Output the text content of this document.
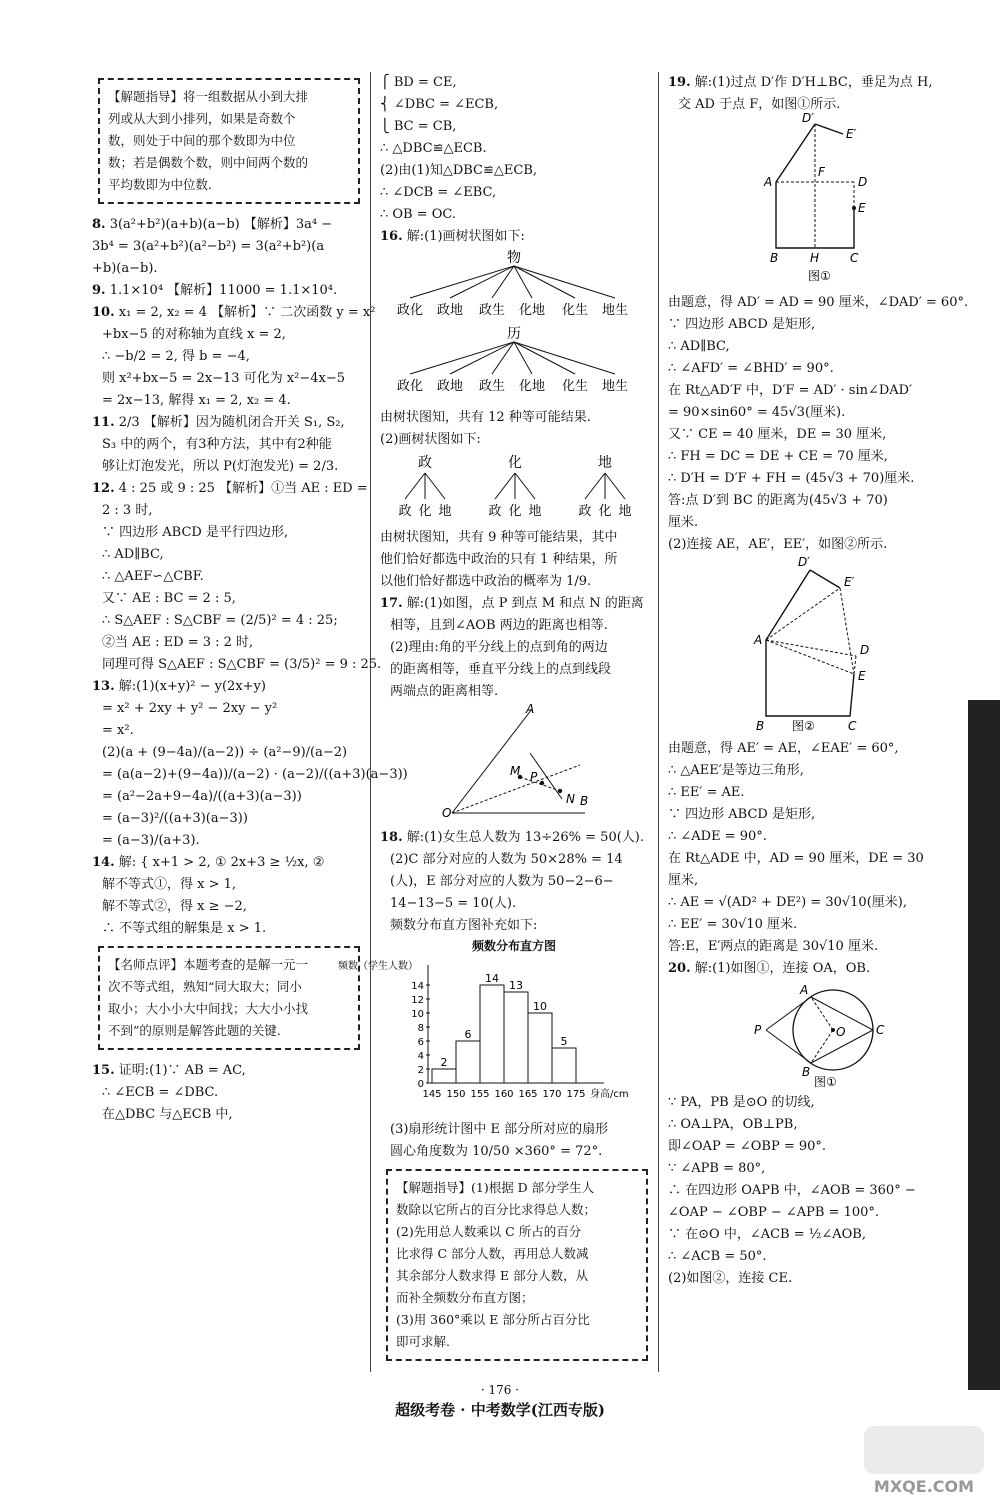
【解题指导】将一组数据从小到大排

列或从大到小排列，如果是奇数个

数，则处于中间的那个数即为中位

数；若是偶数个数，则中间两个数的

平均数即为中位数.

8. 3(a²+b²)(a+b)(a−b) 【解析】3a⁴ −
3b⁴ = 3(a²+b²)(a²−b²) = 3(a²+b²)(a
+b)(a−b).
9. 1.1×10⁴ 【解析】11000 = 1.1×10⁴.
10. x₁ = 2, x₂ = 4 【解析】∵ 二次函数 y = x²
+bx−5 的对称轴为直线 x = 2,
∴ −b/2 = 2, 得 b = −4,
则 x²+bx−5 = 2x−13 可化为 x²−4x−5
= 2x−13, 解得 x₁ = 2, x₂ = 4.
11. 2/3 【解析】因为随机闭合开关 S₁, S₂,
S₃ 中的两个，有3种方法，其中有2种能
够让灯泡发光，所以 P(灯泡发光) = 2/3.
12. 4 : 25 或 9 : 25 【解析】①当 AE : ED =
2 : 3 时,
∵ 四边形 ABCD 是平行四边形,
∴ AD∥BC,
∴ △AEF∽△CBF.
又∵ AE : BC = 2 : 5,
∴ S△AEF : S△CBF = (2/5)² = 4 : 25;
②当 AE : ED = 3 : 2 时,
同理可得 S△AEF : S△CBF = (3/5)² = 9 : 25.
13. 解:(1)(x+y)² − y(2x+y)
= x² + 2xy + y² − 2xy − y²
= x².
(2)(a + (9−4a)/(a−2)) ÷ (a²−9)/(a−2)
= (a(a−2)+(9−4a))/(a−2) · (a−2)/((a+3)(a−3))
= (a²−2a+9−4a)/((a+3)(a−3))
= (a−3)²/((a+3)(a−3))
= (a−3)/(a+3).
14. 解: { x+1 > 2, ① 2x+3 ≥ ½x, ②
解不等式①，得 x > 1,
解不等式②，得 x ≥ −2,
∴ 不等式组的解集是 x > 1.

【名师点评】本题考查的是解一元一

次不等式组，熟知“同大取大；同小

取小；大小小大中间找；大大小小找

不到”的原则是解答此题的关键.

15. 证明:(1)∵ AB = AC,
∴ ∠ECB = ∠DBC.
在△DBC 与△ECB 中,
⎧ BD = CE,
⎨ ∠DBC = ∠ECB,
⎩ BC = CB,
∴ △DBC≌△ECB.
(2)由(1)知△DBC≌△ECB,
∴ ∠DCB = ∠EBC,
∴ OB = OC.
16. 解:(1)画树状图如下:
物
政化 政地 政生 化地 化生 地生
历
政化 政地 政生 化地 化生 地生
由树状图知，共有 12 种等可能结果.
(2)画树状图如下:
政
政 化 地
化
政 化 地
地
政 化 地
由树状图知，共有 9 种等可能结果，其中
他们恰好都选中政治的只有 1 种结果，所
以他们恰好都选中政治的概率为 1/9.
17. 解:(1)如图，点 P 到点 M 和点 N 的距离
相等，且到∠AOB 两边的距离也相等.
(2)理由:角的平分线上的点到角的两边
的距离相等，垂直平分线上的点到线段
两端点的距离相等.
A
M P
N
O
B
18. 解:(1)女生总人数为 13÷26% = 50(人).
(2)C 部分对应的人数为 50×28% = 14
(人)，E 部分对应的人数为 50−2−6−
14−13−5 = 10(人).
频数分布直方图补充如下:
频数分布直方图
频数（学生人数）
0
2
4
6
8
10
12
14
2
6
14
13
10
5
145 150 155 160 165 170 175 身高/cm
(3)扇形统计图中 E 部分所对应的扇形
圆心角度数为 10/50 ×360° = 72°.

【解题指导】(1)根据 D 部分学生人

数除以它所占的百分比求得总人数；

(2)先用总人数乘以 C 所占的百分

比求得 C 部分人数，再用总人数减

其余部分人数求得 E 部分人数，从

而补全频数分布直方图；

(3)用 360°乘以 E 部分所占百分比

即可求解.

19. 解:(1)过点 D′作 D′H⊥BC，垂足为点 H,
交 AD 于点 F，如图①所示.
D′
E′
A
F
D
E
B	H	C
图①
由题意，得 AD′ = AD = 90 厘米，∠DAD′ = 60°.
∵ 四边形 ABCD 是矩形,
∴ AD∥BC,
∴ ∠AFD′ = ∠BHD′ = 90°.
在 Rt△AD′F 中，D′F = AD′ · sin∠DAD′
= 90×sin60° = 45√3(厘米).
又∵ CE = 40 厘米，DE = 30 厘米,
∴ FH = DC = DE + CE = 70 厘米,
∴ D′H = D′F + FH = (45√3 + 70)厘米.
答:点 D′到 BC 的距离为(45√3 + 70)
厘米.
(2)连接 AE，AE′，EE′，如图②所示.
D′
E′
A
D
E
B	C
图②
由题意，得 AE′ = AE，∠EAE′ = 60°,
∴ △AEE′是等边三角形,
∴ EE′ = AE.
∵ 四边形 ABCD 是矩形,
∴ ∠ADE = 90°.
在 Rt△ADE 中，AD = 90 厘米，DE = 30
厘米,
∴ AE = √(AD² + DE²) = 30√10(厘米),
∴ EE′ = 30√10 厘米.
答:E，E′两点的距离是 30√10 厘米.
20. 解:(1)如图①，连接 OA，OB.
A
P	O	C
B
图①
∵ PA，PB 是⊙O 的切线,
∴ OA⊥PA，OB⊥PB,
即∠OAP = ∠OBP = 90°.
∵ ∠APB = 80°,
∴ 在四边形 OAPB 中，∠AOB = 360° −
∠OAP − ∠OBP − ∠APB = 100°.
∵ 在⊙O 中，∠ACB = ½∠AOB,
∴ ∠ACB = 50°.
(2)如图②，连接 CE.
· 176 ·
超级考卷 · 中考数学(江西专版)
MXQE.COM
